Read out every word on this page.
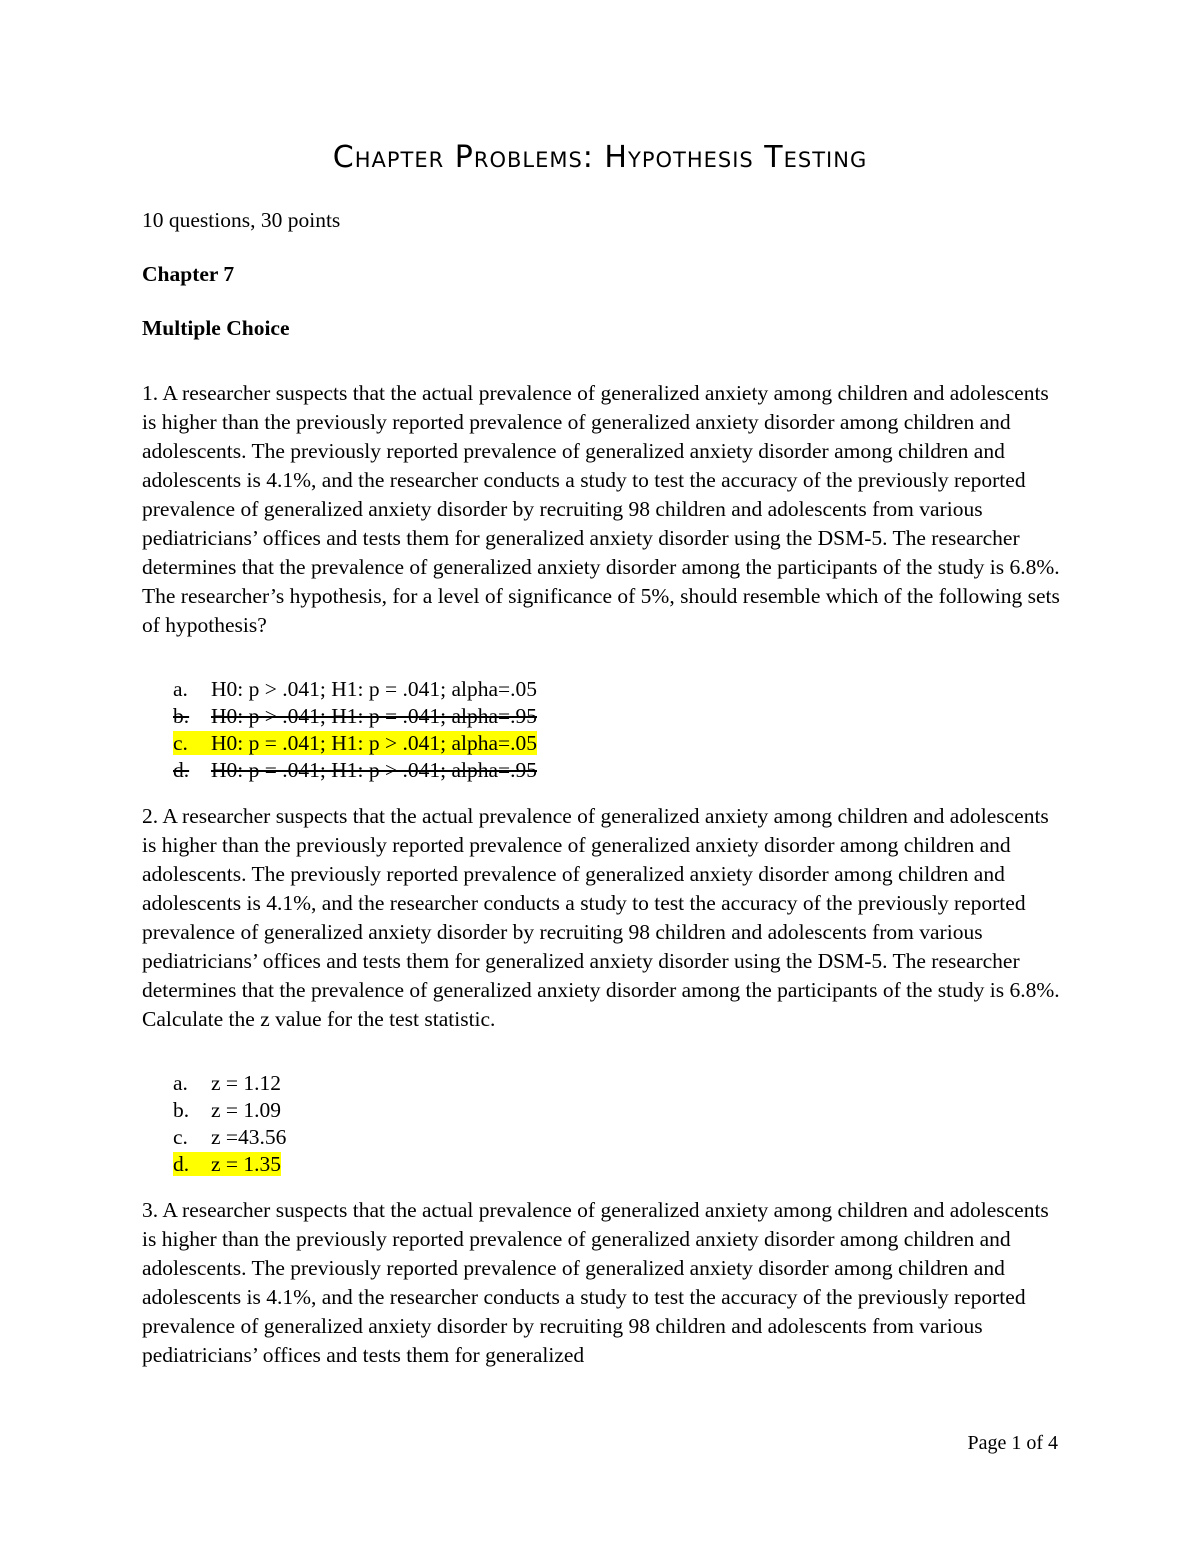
Chapter Problems: Hypothesis Testing

10 questions, 30 points

Chapter 7

Multiple Choice

1. A researcher suspects that the actual prevalence of generalized anxiety among children and adolescents is higher than the previously reported prevalence of generalized anxiety disorder among children and adolescents. The previously reported prevalence of generalized anxiety disorder among children and adolescents is 4.1%, and the researcher conducts a study to test the accuracy of the previously reported prevalence of generalized anxiety disorder by recruiting 98 children and adolescents from various pediatricians’ offices and tests them for generalized anxiety disorder using the DSM-5. The researcher determines that the prevalence of generalized anxiety disorder among the participants of the study is 6.8%. The researcher’s hypothesis, for a level of significance of 5%, should resemble which of the following sets of hypothesis?

a. H0: p > .041; H1: p = .041; alpha=.05
b. H0: p > .041; H1: p = .041; alpha=.95
c. H0: p = .041; H1: p > .041; alpha=.05
d. H0: p = .041; H1: p > .041; alpha=.95

2. A researcher suspects that the actual prevalence of generalized anxiety among children and adolescents is higher than the previously reported prevalence of generalized anxiety disorder among children and adolescents. The previously reported prevalence of generalized anxiety disorder among children and adolescents is 4.1%, and the researcher conducts a study to test the accuracy of the previously reported prevalence of generalized anxiety disorder by recruiting 98 children and adolescents from various pediatricians’ offices and tests them for generalized anxiety disorder using the DSM-5. The researcher determines that the prevalence of generalized anxiety disorder among the participants of the study is 6.8%. Calculate the z value for the test statistic.

a. z = 1.12
b. z = 1.09
c. z =43.56
d. z = 1.35

3. A researcher suspects that the actual prevalence of generalized anxiety among children and adolescents is higher than the previously reported prevalence of generalized anxiety disorder among children and adolescents. The previously reported prevalence of generalized anxiety disorder among children and adolescents is 4.1%, and the researcher conducts a study to test the accuracy of the previously reported prevalence of generalized anxiety disorder by recruiting 98 children and adolescents from various pediatricians’ offices and tests them for generalized

Page 1 of 4
